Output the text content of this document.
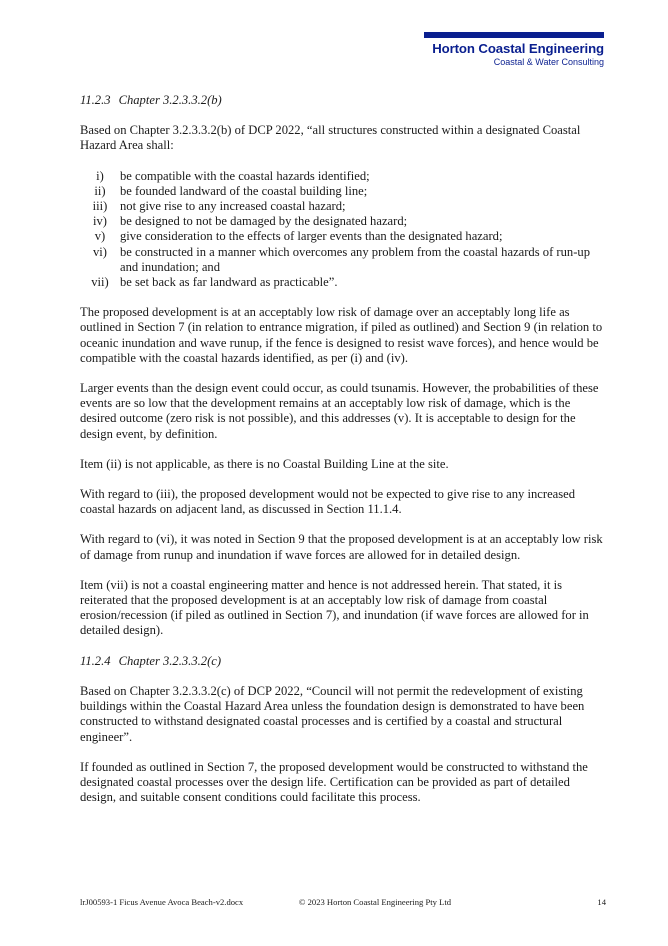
Horton Coastal Engineering
Coastal & Water Consulting
11.2.3 Chapter 3.2.3.3.2(b)

Based on Chapter 3.2.3.3.2(b) of DCP 2022, “all structures constructed within a designated Coastal Hazard Area shall:

i)	be compatible with the coastal hazards identified;
ii)	be founded landward of the coastal building line;
iii)	not give rise to any increased coastal hazard;
iv)	be designed to not be damaged by the designated hazard;
v)	give consideration to the effects of larger events than the designated hazard;
vi)	be constructed in a manner which overcomes any problem from the coastal hazards of run-up and inundation; and
vii) be set back as far landward as practicable”.

The proposed development is at an acceptably low risk of damage over an acceptably long life as outlined in Section 7 (in relation to entrance migration, if piled as outlined) and Section 9 (in relation to oceanic inundation and wave runup, if the fence is designed to resist wave forces), and hence would be compatible with the coastal hazards identified, as per (i) and (iv).

Larger events than the design event could occur, as could tsunamis. However, the probabilities of these events are so low that the development remains at an acceptably low risk of damage, which is the desired outcome (zero risk is not possible), and this addresses (v). It is acceptable to design for the design event, by definition.

Item (ii) is not applicable, as there is no Coastal Building Line at the site.

With regard to (iii), the proposed development would not be expected to give rise to any increased coastal hazards on adjacent land, as discussed in Section 11.1.4.

With regard to (vi), it was noted in Section 9 that the proposed development is at an acceptably low risk of damage from runup and inundation if wave forces are allowed for in detailed design.

Item (vii) is not a coastal engineering matter and hence is not addressed herein. That stated, it is reiterated that the proposed development is at an acceptably low risk of damage from coastal erosion/recession (if piled as outlined in Section 7), and inundation (if wave forces are allowed for in detailed design).

11.2.4 Chapter 3.2.3.3.2(c)

Based on Chapter 3.2.3.3.2(c) of DCP 2022, “Council will not permit the redevelopment of existing buildings within the Coastal Hazard Area unless the foundation design is demonstrated to have been constructed to withstand designated coastal processes and is certified by a coastal and structural engineer”.

If founded as outlined in Section 7, the proposed development would be constructed to withstand the designated coastal processes over the design life. Certification can be provided as part of detailed design, and suitable consent conditions could facilitate this process.

lrJ00593-1 Ficus Avenue Avoca Beach-v2.docx	© 2023 Horton Coastal Engineering Pty Ltd	14
